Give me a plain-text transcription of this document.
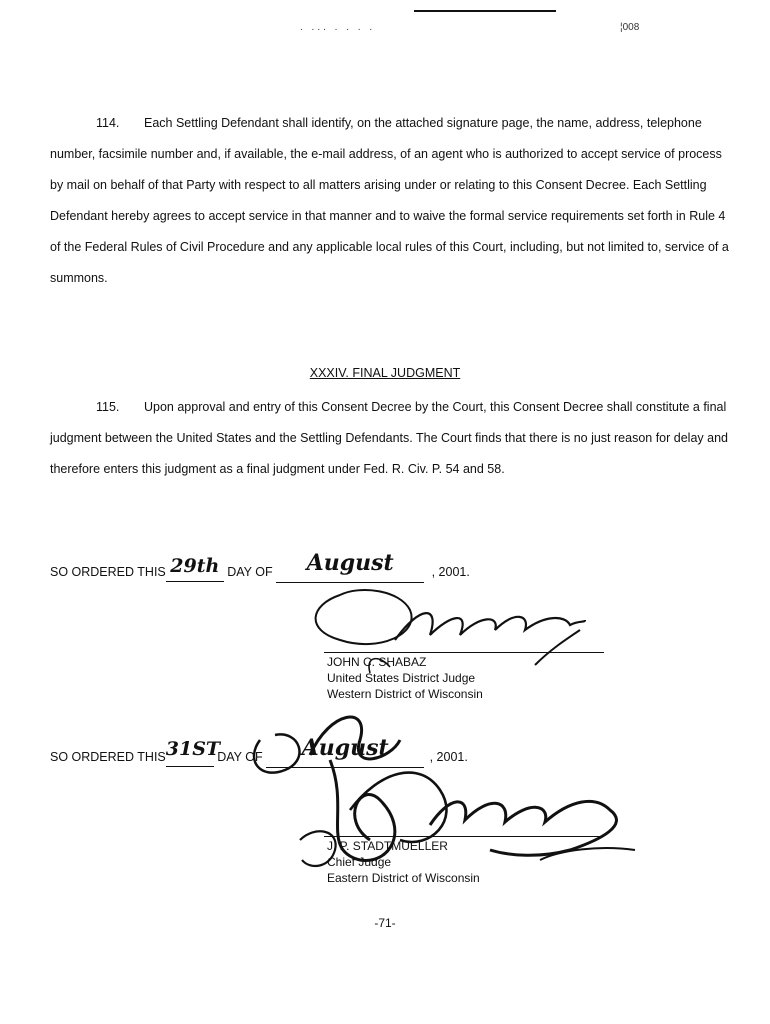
. ... . . . .	¦008

114. Each Settling Defendant shall identify, on the attached signature page, the name, address, telephone number, facsimile number and, if available, the e-mail address, of an agent who is authorized to accept service of process by mail on behalf of that Party with respect to all matters arising under or relating to this Consent Decree. Each Settling Defendant hereby agrees to accept service in that manner and to waive the formal service requirements set forth in Rule 4 of the Federal Rules of Civil Procedure and any applicable local rules of this Court, including, but not limited to, service of a summons.

XXXIV. FINAL JUDGMENT

115. Upon approval and entry of this Consent Decree by the Court, this Consent Decree shall constitute a final judgment between the United States and the Settling Defendants. The Court finds that there is no just reason for delay and therefore enters this judgment as a final judgment under Fed. R. Civ. P. 54 and 58.

SO ORDERED THIS 29th DAY OF August	, 2001.
JOHN C. SHABAZ
United States District Judge
Western District of Wisconsin
SO ORDERED THIS31ST DAY OF August	, 2001.
J. P. STADTMUELLER
Chief Judge
Eastern District of Wisconsin
-71-
